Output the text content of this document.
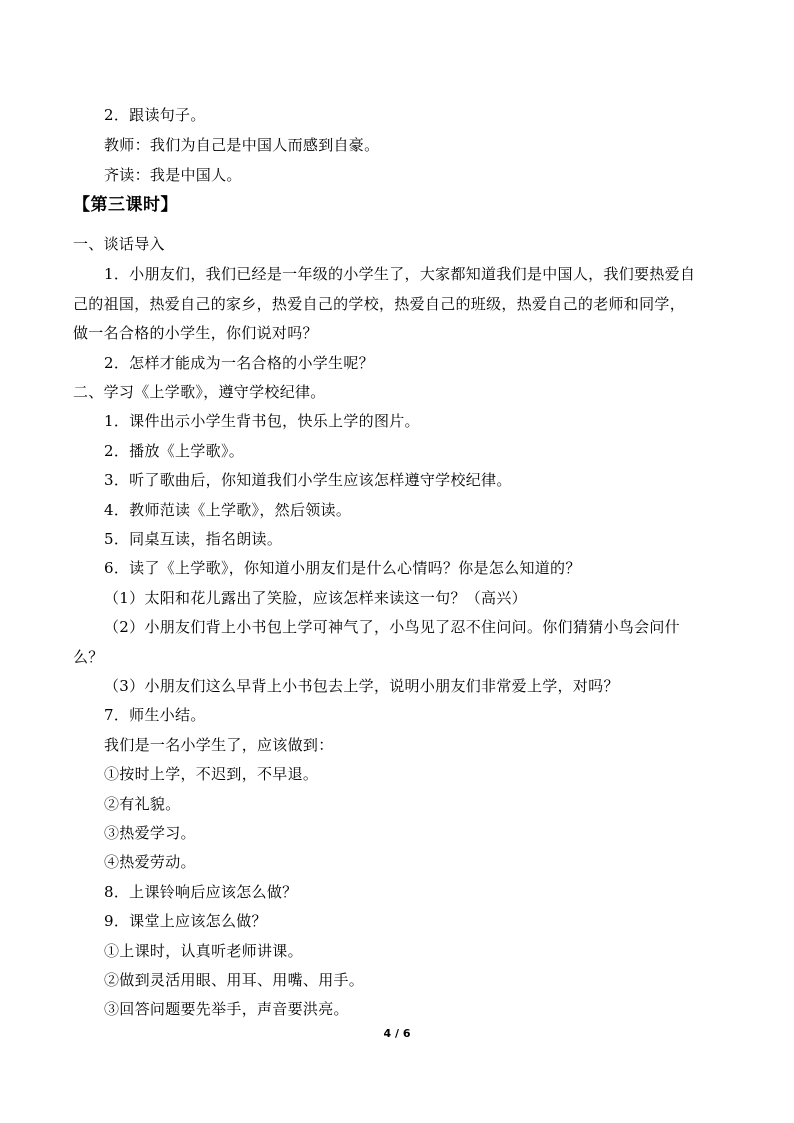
2．跟读句子。
教师：我们为自己是中国人而感到自豪。
齐读：我是中国人。
【第三课时】
一、谈话导入
1．小朋友们，我们已经是一年级的小学生了，大家都知道我们是中国人，我们要热爱自
己的祖国，热爱自己的家乡，热爱自己的学校，热爱自己的班级，热爱自己的老师和同学，
做一名合格的小学生，你们说对吗？
2．怎样才能成为一名合格的小学生呢？
二、学习《上学歌》，遵守学校纪律。
1．课件出示小学生背书包，快乐上学的图片。
2．播放《上学歌》。
3．听了歌曲后，你知道我们小学生应该怎样遵守学校纪律。
4．教师范读《上学歌》，然后领读。
5．同桌互读，指名朗读。
6．读了《上学歌》，你知道小朋友们是什么心情吗？你是怎么知道的？
（1）太阳和花儿露出了笑脸，应该怎样来读这一句？（高兴）
（2）小朋友们背上小书包上学可神气了，小鸟见了忍不住问问。你们猜猜小鸟会问什
么？
（3）小朋友们这么早背上小书包去上学，说明小朋友们非常爱上学，对吗？
7．师生小结。
我们是一名小学生了，应该做到：
①按时上学，不迟到，不早退。
②有礼貌。
③热爱学习。
④热爱劳动。
8．上课铃响后应该怎么做？
9．课堂上应该怎么做？
①上课时，认真听老师讲课。
②做到灵活用眼、用耳、用嘴、用手。
③回答问题要先举手，声音要洪亮。
4 / 6
